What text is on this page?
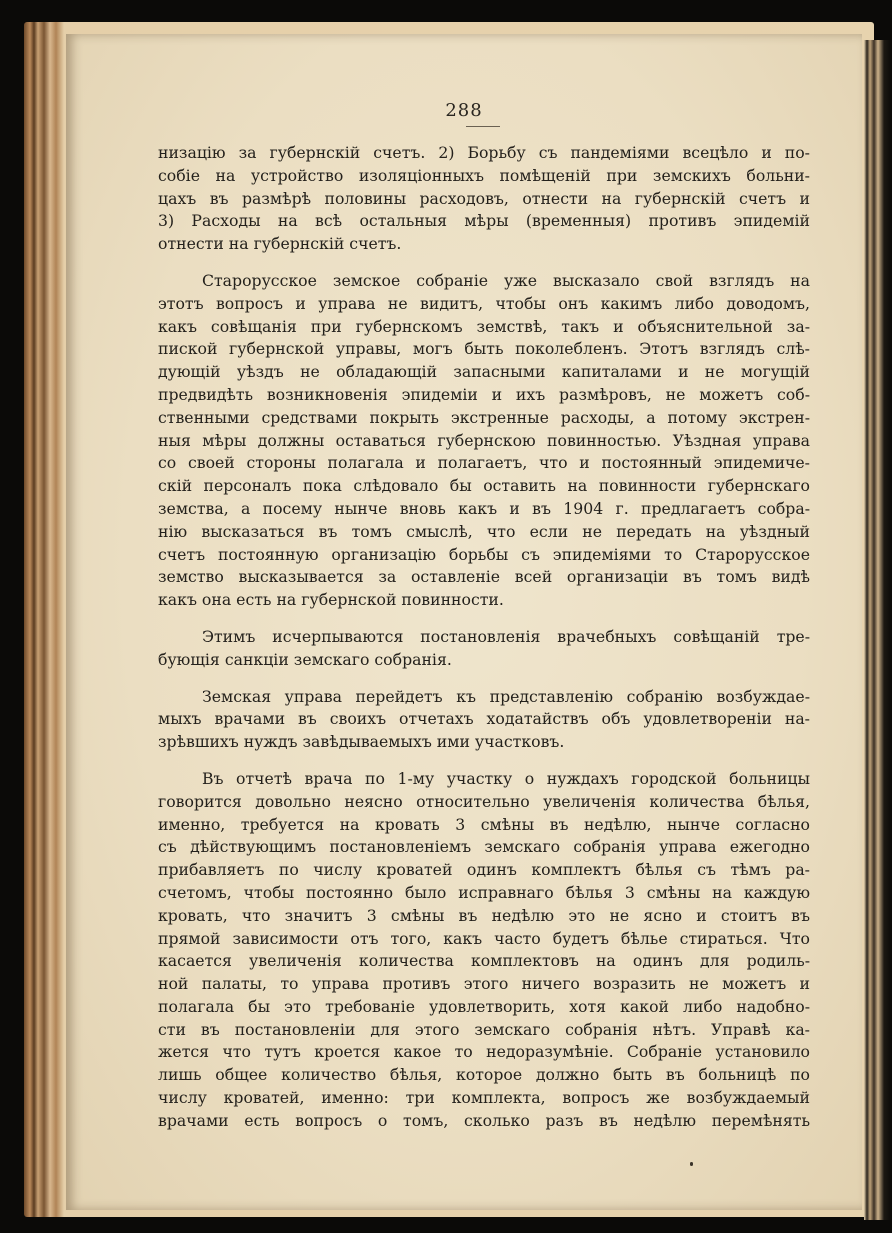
288
низацію за губернскій счетъ. 2) Борьбу съ пандеміями всецѣло и по-
собіе на устройство изоляціонныхъ помѣщеній при земскихъ больни-
цахъ въ размѣрѣ половины расходовъ, отнести на губернскій счетъ и
3) Расходы на всѣ остальныя мѣры (временныя) противъ эпидемій
отнести на губернскій счетъ.
Старорусское земское собраніе уже высказало свой взглядъ на
этотъ вопросъ и управа не видитъ, чтобы онъ какимъ либо доводомъ,
какъ совѣщанія при губернскомъ земствѣ, такъ и объяснительной за-
пиской губернской управы, могъ быть поколебленъ. Этотъ взглядъ слѣ-
дующій уѣздъ не обладающій запасными капиталами и не могущій
предвидѣть возникновенія эпидеміи и ихъ размѣровъ, не можетъ соб-
ственными средствами покрыть экстренные расходы, а потому экстрен-
ныя мѣры должны оставаться губернскою повинностью. Уѣздная управа
со своей стороны полагала и полагаетъ, что и постоянный эпидемиче-
скій персоналъ пока слѣдовало бы оставить на повинности губернскаго
земства, а посему нынче вновь какъ и въ 1904 г. предлагаетъ собра-
нію высказаться въ томъ смыслѣ, что если не передать на уѣздный
счетъ постоянную организацію борьбы съ эпидеміями то Старорусское
земство высказывается за оставленіе всей организаціи въ томъ видѣ
какъ она есть на губернской повинности.
Этимъ исчерпываются постановленія врачебныхъ совѣщаній тре-
бующія санкціи земскаго собранія.
Земская управа перейдетъ къ представленію собранію возбуждае-
мыхъ врачами въ своихъ отчетахъ ходатайствъ объ удовлетвореніи на-
зрѣвшихъ нуждъ завѣдываемыхъ ими участковъ.
Въ отчетѣ врача по 1-му участку о нуждахъ городской больницы
говорится довольно неясно относительно увеличенія количества бѣлья,
именно, требуется на кровать 3 смѣны въ недѣлю, нынче согласно
съ дѣйствующимъ постановленіемъ земскаго собранія управа ежегодно
прибавляетъ по числу кроватей одинъ комплектъ бѣлья съ тѣмъ ра-
счетомъ, чтобы постоянно было исправнаго бѣлья 3 смѣны на каждую
кровать, что значитъ 3 смѣны въ недѣлю это не ясно и стоитъ въ
прямой зависимости отъ того, какъ часто будетъ бѣлье стираться. Что
касается увеличенія количества комплектовъ на одинъ для родиль-
ной палаты, то управа противъ этого ничего возразить не можетъ и
полагала бы это требованіе удовлетворить, хотя какой либо надобно-
сти въ постановленіи для этого земскаго собранія нѣтъ. Управѣ ка-
жется что тутъ кроется какое то недоразумѣніе. Собраніе установило
лишь общее количество бѣлья, которое должно быть въ больницѣ по
числу кроватей, именно: три комплекта, вопросъ же возбуждаемый
врачами есть вопросъ о томъ, сколько разъ въ недѣлю перемѣнять
